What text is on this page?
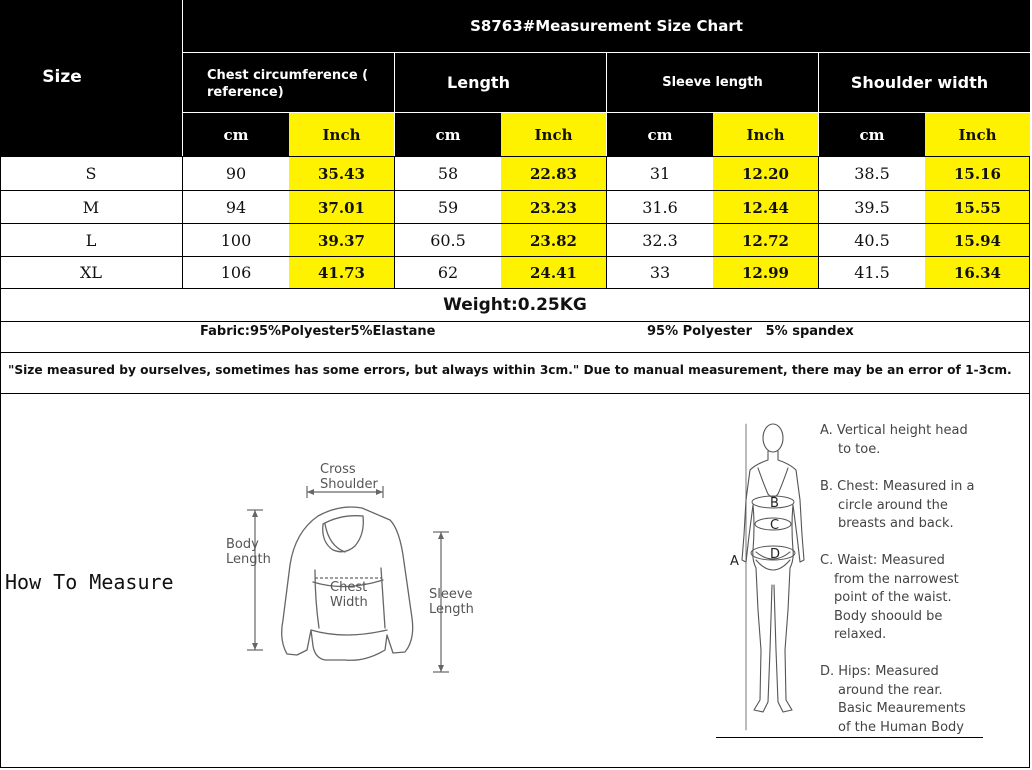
Size
S8763#Measurement Size Chart
Chest circumference ( reference)
Length	Sleeve length	Shoulder width
cm	Inch	cm	Inch	cm	Inch	cm	Inch
S	90	35.43	58	22.83	31	12.20	38.5	15.16
M	94	37.01	59	23.23	31.6	12.44	39.5	15.55
L	100	39.37	60.5	23.82	32.3	12.72	40.5	15.94
XL	106	41.73	62	24.41	33	12.99	41.5	16.34
Weight:0.25KG
Fabric:95%Polyester5%Elastane	95% Polyester   5% spandex
"Size measured by ourselves, sometimes has some errors, but always within 3cm." Due to manual measurement, there may be an error of 1-3cm.
How To Measure
Cross
Shoulder
Body
Length
Chest
Width
Sleeve
Length
A
B
C
D
A. Vertical height head
to toe.
B. Chest: Measured in a
circle around the
breasts and back.
C. Waist: Measured
from the narrowest
point of the waist.
Body shoould be
relaxed.
D. Hips: Measured
around the rear.
Basic Meaurements
of the Human Body
